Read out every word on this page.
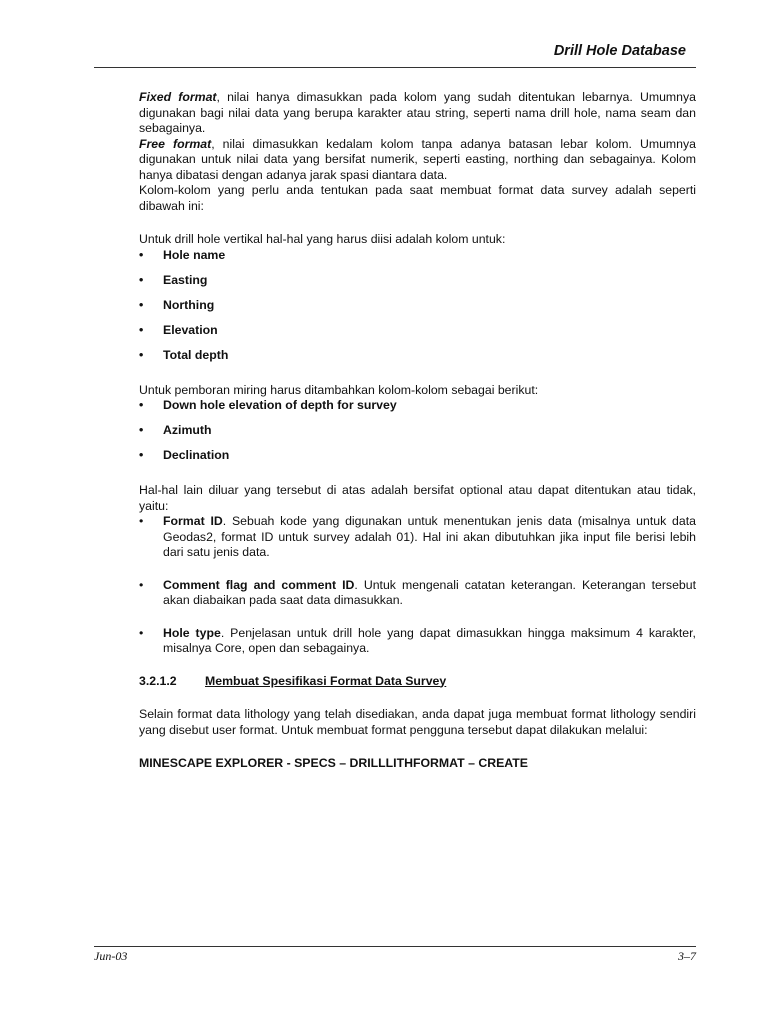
Drill Hole Database

Fixed format, nilai hanya dimasukkan pada kolom yang sudah ditentukan lebarnya. Umumnya digunakan bagi nilai data yang berupa karakter atau string, seperti nama drill hole, nama seam dan sebagainya.

Free format, nilai dimasukkan kedalam kolom tanpa adanya batasan lebar kolom. Umumnya digunakan untuk nilai data yang bersifat numerik, seperti easting, northing dan sebagainya. Kolom hanya dibatasi dengan adanya jarak spasi diantara data.

Kolom-kolom yang perlu anda tentukan pada saat membuat format data survey adalah seperti dibawah ini:

Untuk drill hole vertikal hal-hal yang harus diisi adalah kolom untuk:

• Hole name
• Easting
• Northing
• Elevation
• Total depth

Untuk pemboran miring harus ditambahkan kolom-kolom sebagai berikut:

• Down hole elevation of depth for survey
• Azimuth
• Declination

Hal-hal lain diluar yang tersebut di atas adalah bersifat optional atau dapat ditentukan atau tidak, yaitu:

• Format ID. Sebuah kode yang digunakan untuk menentukan jenis data (misalnya untuk data Geodas2, format ID untuk survey adalah 01). Hal ini akan dibutuhkan jika input file berisi lebih dari satu jenis data.
• Comment flag and comment ID. Untuk mengenali catatan keterangan. Keterangan tersebut akan diabaikan pada saat data dimasukkan.
• Hole type. Penjelasan untuk drill hole yang dapat dimasukkan hingga maksimum 4 karakter, misalnya Core, open dan sebagainya.
3.2.1.2 Membuat Spesifikasi Format Data Survey

Selain format data lithology yang telah disediakan, anda dapat juga membuat format lithology sendiri yang disebut user format. Untuk membuat format pengguna tersebut dapat dilakukan melalui:

MINESCAPE EXPLORER - SPECS – DRILLLITHFORMAT – CREATE
Jun-03	3–7
